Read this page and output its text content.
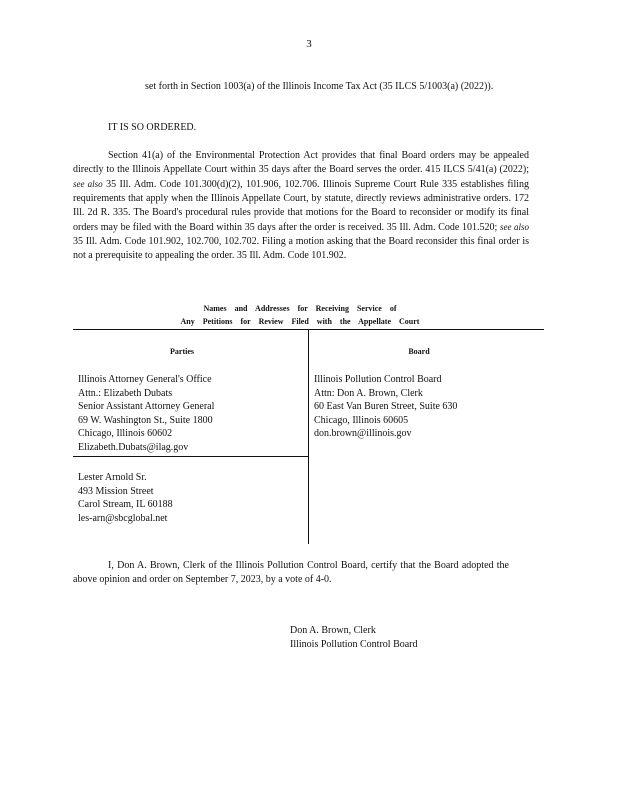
3
set forth in Section 1003(a) of the Illinois Income Tax Act (35 ILCS 5/1003(a) (2022)).
IT IS SO ORDERED.
Section 41(a) of the Environmental Protection Act provides that final Board orders may be appealed directly to the Illinois Appellate Court within 35 days after the Board serves the order. 415 ILCS 5/41(a) (2022); see also 35 Ill. Adm. Code 101.300(d)(2), 101.906, 102.706. Illinois Supreme Court Rule 335 establishes filing requirements that apply when the Illinois Appellate Court, by statute, directly reviews administrative orders. 172 Ill. 2d R. 335. The Board's procedural rules provide that motions for the Board to reconsider or modify its final orders may be filed with the Board within 35 days after the order is received. 35 Ill. Adm. Code 101.520; see also 35 Ill. Adm. Code 101.902, 102.700, 102.702. Filing a motion asking that the Board reconsider this final order is not a prerequisite to appealing the order. 35 Ill. Adm. Code 101.902.
Names and Addresses for Receiving Service of
Any Petitions for Review Filed with the Appellate Court
Parties	Board
Illinois Attorney General's Office
Attn.: Elizabeth Dubats
Senior Assistant Attorney General
69 W. Washington St., Suite 1800
Chicago, Illinois 60602
Elizabeth.Dubats@ilag.gov
Illinois Pollution Control Board
Attn: Don A. Brown, Clerk
60 East Van Buren Street, Suite 630
Chicago, Illinois 60605
don.brown@illinois.gov
Lester Arnold Sr.
493 Mission Street
Carol Stream, IL 60188
les-arn@sbcglobal.net
I, Don A. Brown, Clerk of the Illinois Pollution Control Board, certify that the Board adopted the above opinion and order on September 7, 2023, by a vote of 4-0.
Don A. Brown, Clerk
Illinois Pollution Control Board
